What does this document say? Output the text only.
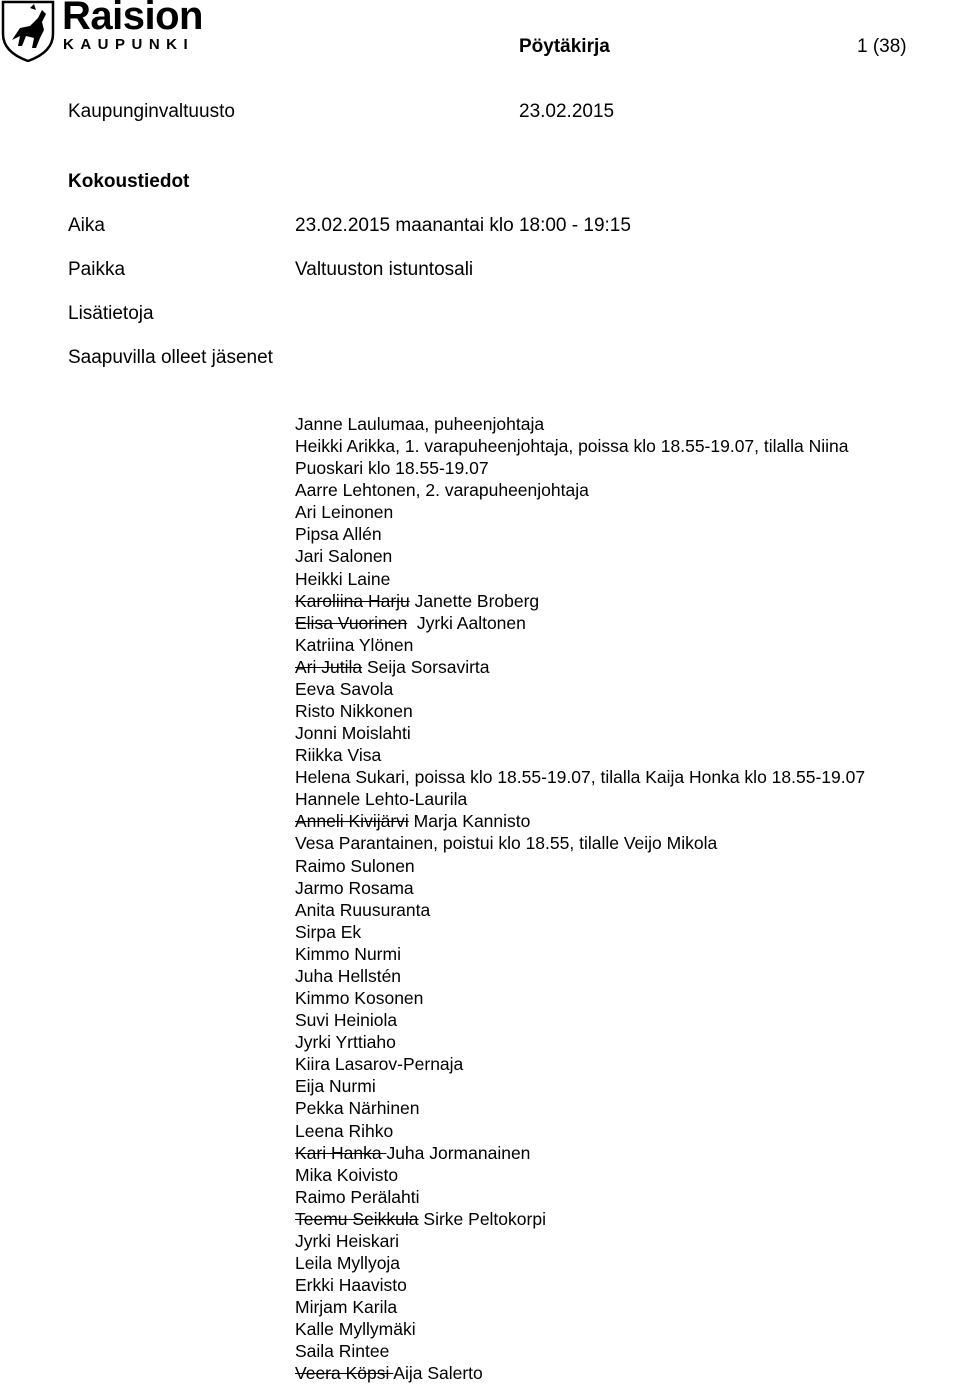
Raision
KAUPUNKI	Pöytäkirja	1 (38)
Kaupunginvaltuusto	23.02.2015
Kokoustiedot
Aika	23.02.2015 maanantai klo 18:00 - 19:15
Paikka	Valtuuston istuntosali
Lisätietoja
Saapuvilla olleet jäsenet
Janne Laulumaa, puheenjohtaja
Heikki Arikka, 1. varapuheenjohtaja, poissa klo 18.55-19.07, tilalla Niina
Puoskari klo 18.55-19.07
Aarre Lehtonen, 2. varapuheenjohtaja
Ari Leinonen
Pipsa Allén
Jari Salonen
Heikki Laine
Karoliina Harju Janette Broberg
Elisa Vuorinen  Jyrki Aaltonen
Katriina Ylönen
Ari Jutila Seija Sorsavirta
Eeva Savola
Risto Nikkonen
Jonni Moislahti
Riikka Visa
Helena Sukari, poissa klo 18.55-19.07, tilalla Kaija Honka klo 18.55-19.07
Hannele Lehto-Laurila
Anneli Kivijärvi Marja Kannisto
Vesa Parantainen, poistui klo 18.55, tilalle Veijo Mikola
Raimo Sulonen
Jarmo Rosama
Anita Ruusuranta
Sirpa Ek
Kimmo Nurmi
Juha Hellstén
Kimmo Kosonen
Suvi Heiniola
Jyrki Yrttiaho
Kiira Lasarov-Pernaja
Eija Nurmi
Pekka Närhinen
Leena Rihko
Kari Hanka Juha Jormanainen
Mika Koivisto
Raimo Perälahti
Teemu Seikkula Sirke Peltokorpi
Jyrki Heiskari
Leila Myllyoja
Erkki Haavisto
Mirjam Karila
Kalle Myllymäki
Saila Rintee
Veera Köpsi Aija Salerto
